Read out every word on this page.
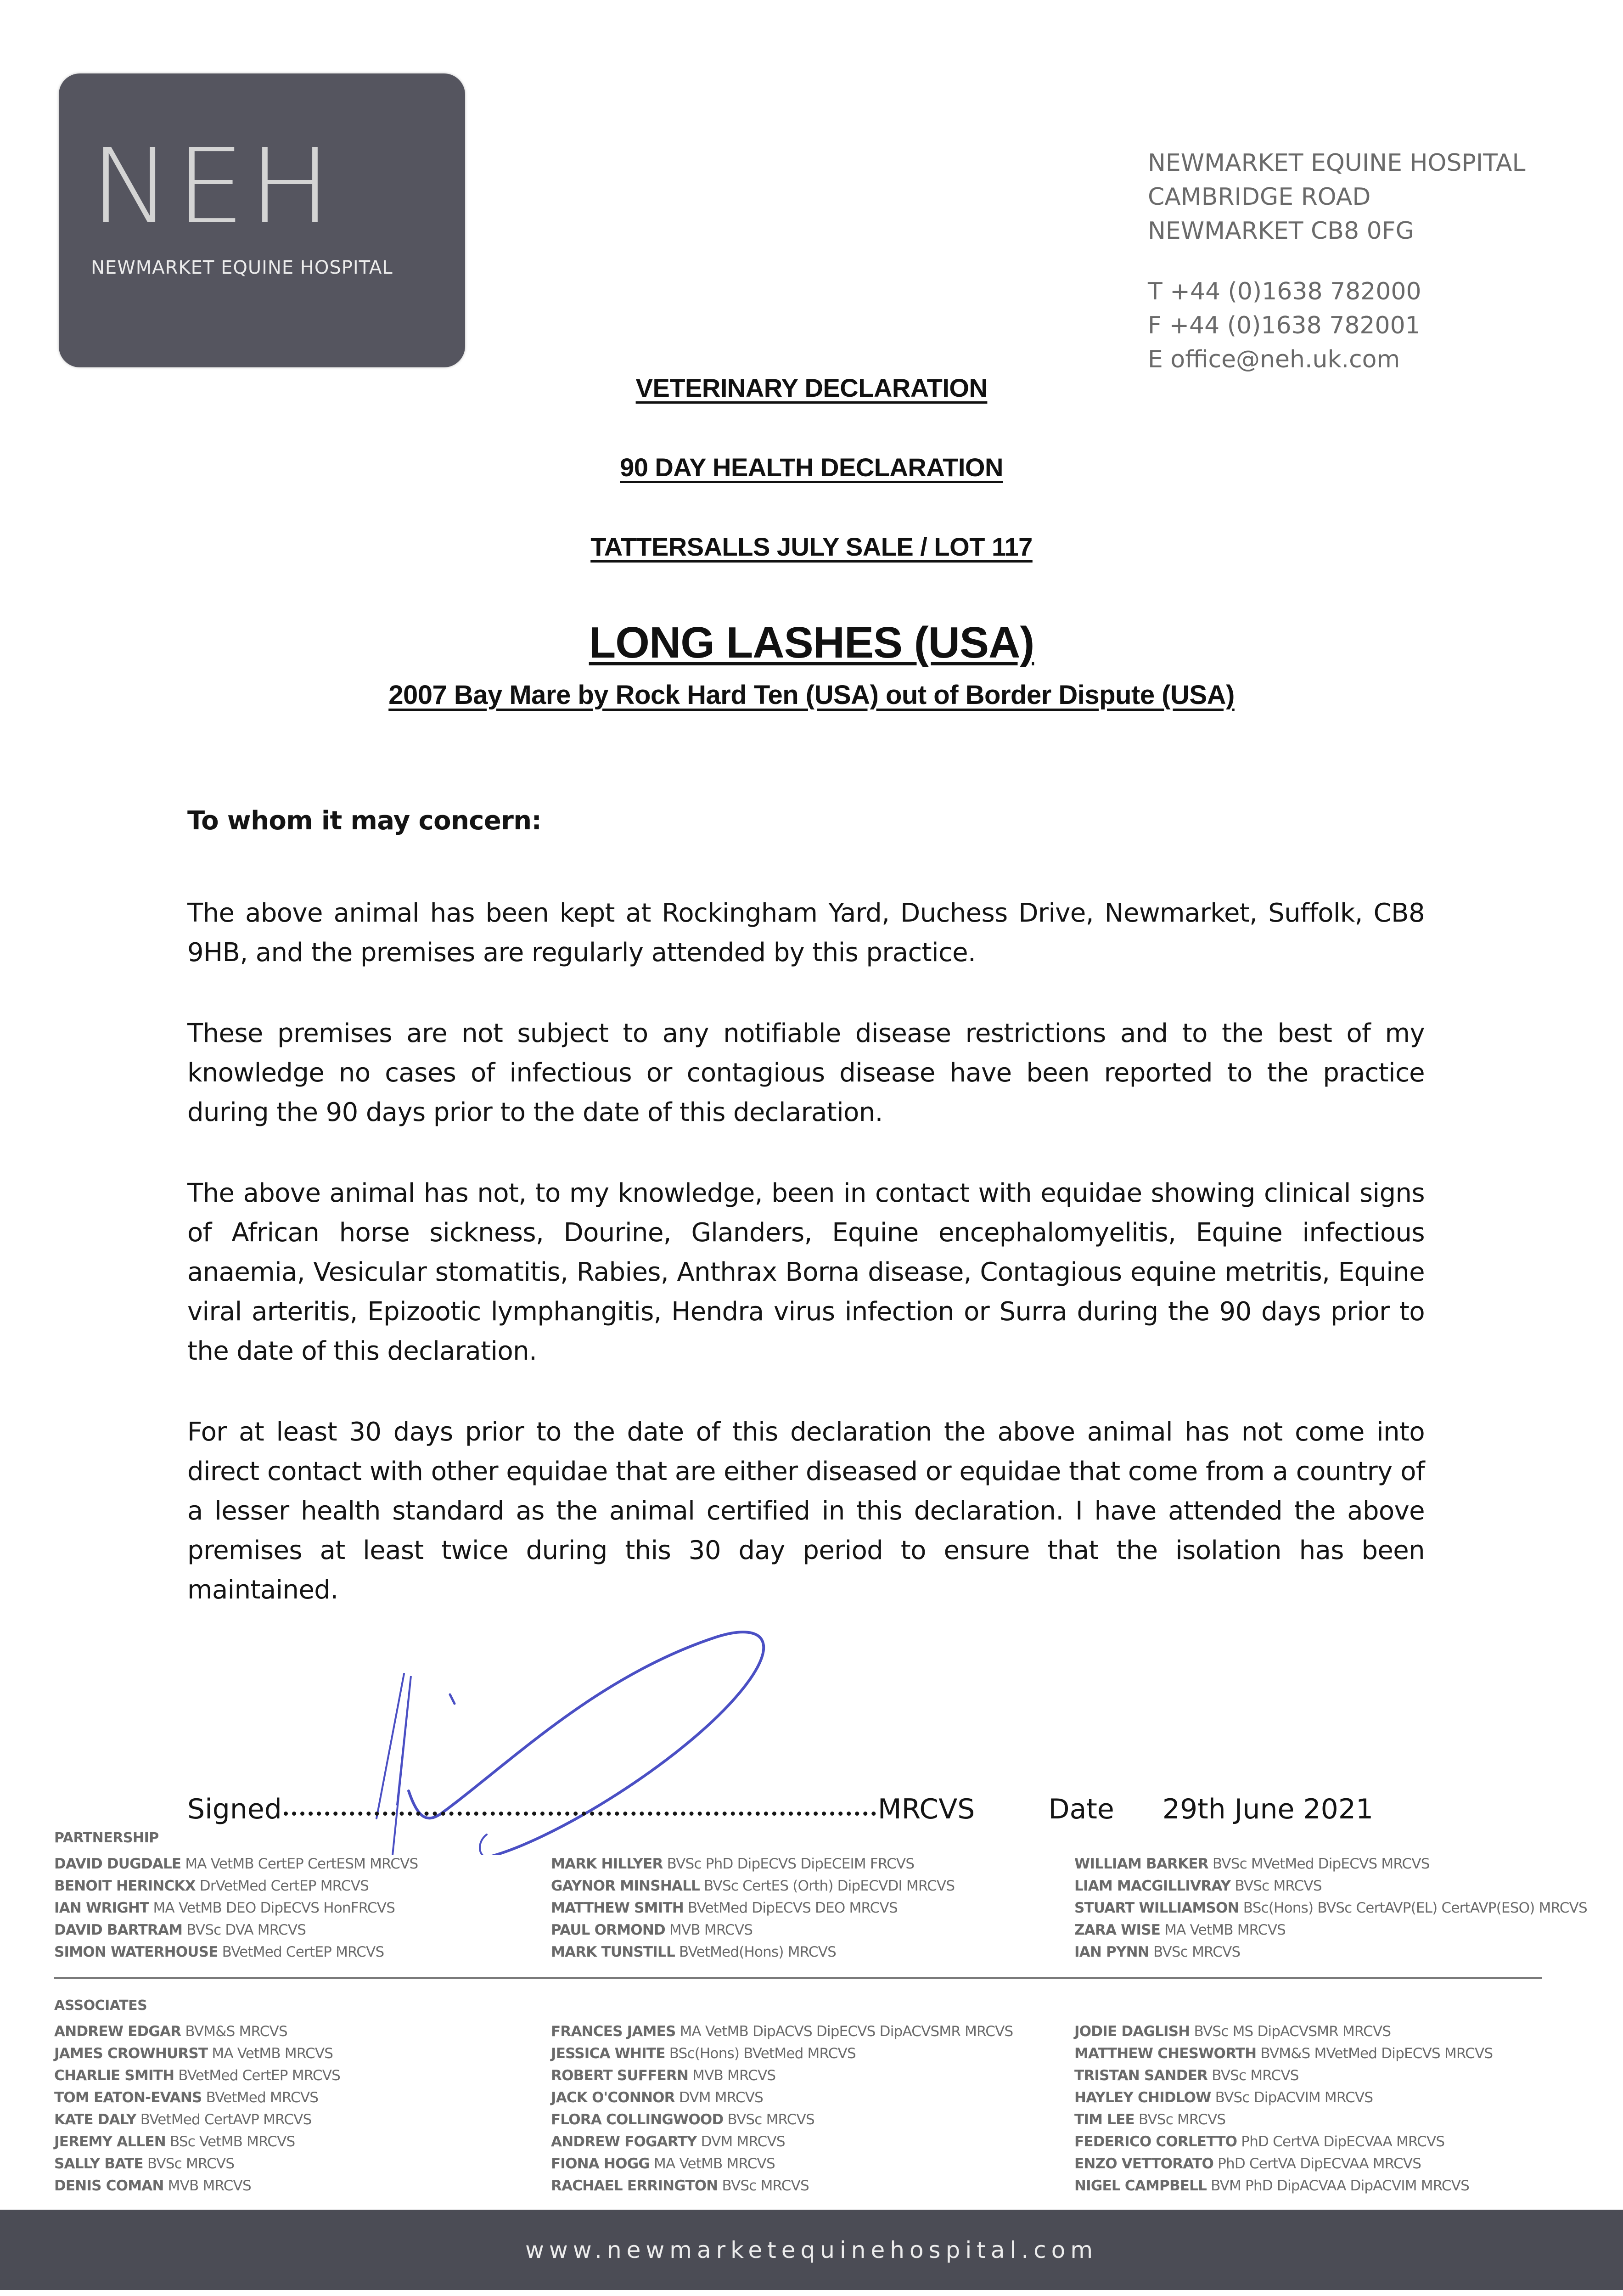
NEH
NEWMARKET EQUINE HOSPITAL
NEWMARKET EQUINE HOSPITAL
CAMBRIDGE ROAD
NEWMARKET CB8 0FG
T +44 (0)1638 782000
F +44 (0)1638 782001
E office@neh.uk.com
VETERINARY DECLARATION
90 DAY HEALTH DECLARATION
TATTERSALLS JULY SALE / LOT 117
LONG LASHES (USA)
2007 Bay Mare by Rock Hard Ten (USA) out of Border Dispute (USA)

To whom it may concern:

The above animal has been kept at Rockingham Yard, Duchess Drive, Newmarket, Suffolk, CB8 9HB, and the premises are regularly attended by this practice.

These premises are not subject to any notifiable disease restrictions and to the best of my knowledge no cases of infectious or contagious disease have been reported to the practice during the 90 days prior to the date of this declaration.

The above animal has not, to my knowledge, been in contact with equidae showing clinical signs of African horse sickness, Dourine, Glanders, Equine encephalomyelitis, Equine infectious anaemia, Vesicular stomatitis, Rabies, Anthrax Borna disease, Contagious equine metritis, Equine viral arteritis, Epizootic lymphangitis, Hendra virus infection or Surra during the 90 days prior to the date of this declaration.

For at least 30 days prior to the date of this declaration the above animal has not come into direct contact with other equidae that are either diseased or equidae that come from a country of a lesser health standard as the animal certified in this declaration. I have attended the above premises at least twice during this 30 day period to ensure that the isolation has been maintained.

Signed	MRCVS	Date 29th June 2021
PARTNERSHIP
DAVID DUGDALE MA VetMB CertEP CertESM MRCVS
BENOIT HERINCKX DrVetMed CertEP MRCVS
IAN WRIGHT MA VetMB DEO DipECVS HonFRCVS
DAVID BARTRAM BVSc DVA MRCVS
SIMON WATERHOUSE BVetMed CertEP MRCVS
MARK HILLYER BVSc PhD DipECVS DipECEIM FRCVS
GAYNOR MINSHALL BVSc CertES (Orth) DipECVDI MRCVS
MATTHEW SMITH BVetMed DipECVS DEO MRCVS
PAUL ORMOND MVB MRCVS
MARK TUNSTILL BVetMed(Hons) MRCVS
WILLIAM BARKER BVSc MVetMed DipECVS MRCVS
LIAM MACGILLIVRAY BVSc MRCVS
STUART WILLIAMSON BSc(Hons) BVSc CertAVP(EL) CertAVP(ESO) MRCVS
ZARA WISE MA VetMB MRCVS
IAN PYNN BVSc MRCVS
ASSOCIATES
ANDREW EDGAR BVM&S MRCVS
JAMES CROWHURST MA VetMB MRCVS
CHARLIE SMITH BVetMed CertEP MRCVS
TOM EATON-EVANS BVetMed MRCVS
KATE DALY BVetMed CertAVP MRCVS
JEREMY ALLEN BSc VetMB MRCVS
SALLY BATE BVSc MRCVS
DENIS COMAN MVB MRCVS
FRANCES JAMES MA VetMB DipACVS DipECVS DipACVSMR MRCVS
JESSICA WHITE BSc(Hons) BVetMed MRCVS
ROBERT SUFFERN MVB MRCVS
JACK O'CONNOR DVM MRCVS
FLORA COLLINGWOOD BVSc MRCVS
ANDREW FOGARTY DVM MRCVS
FIONA HOGG MA VetMB MRCVS
RACHAEL ERRINGTON BVSc MRCVS
JODIE DAGLISH BVSc MS DipACVSMR MRCVS
MATTHEW CHESWORTH BVM&S MVetMed DipECVS MRCVS
TRISTAN SANDER BVSc MRCVS
HAYLEY CHIDLOW BVSc DipACVIM MRCVS
TIM LEE BVSc MRCVS
FEDERICO CORLETTO PhD CertVA DipECVAA MRCVS
ENZO VETTORATO PhD CertVA DipECVAA MRCVS
NIGEL CAMPBELL BVM PhD DipACVAA DipACVIM MRCVS
www.newmarketequinehospital.com
